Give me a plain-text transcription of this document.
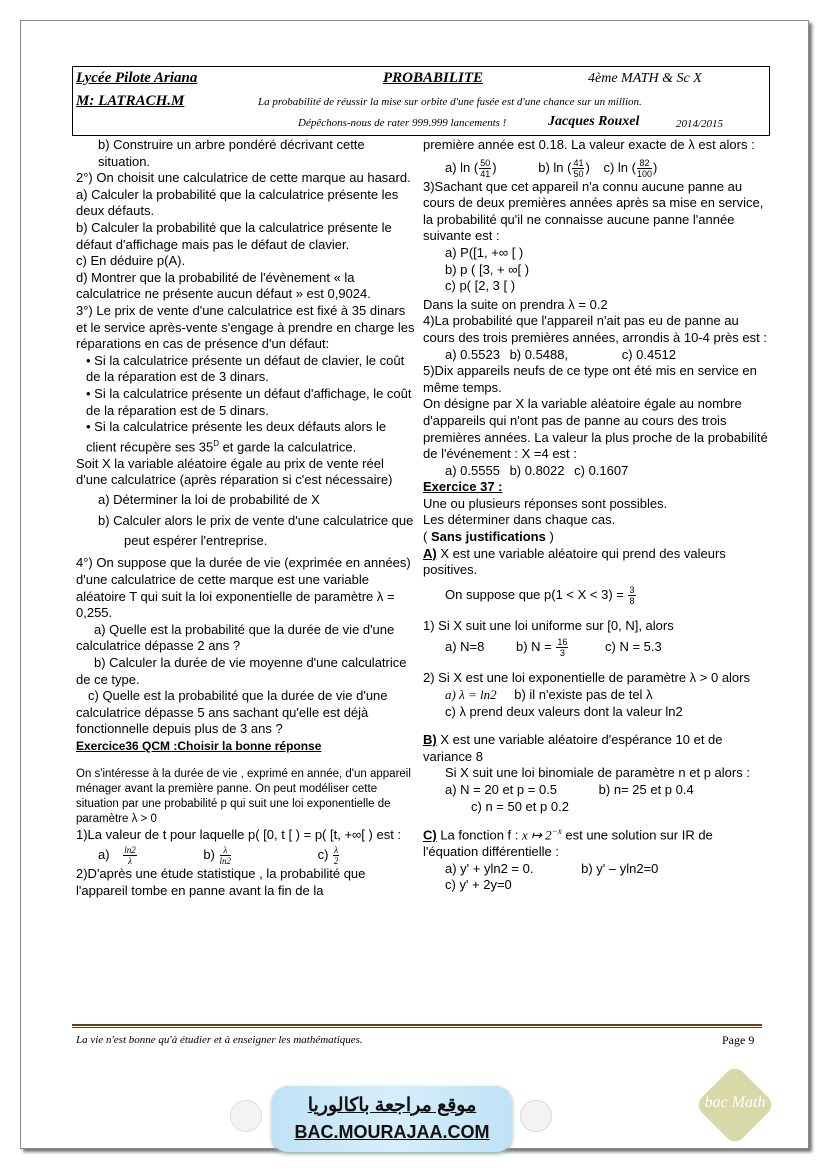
Lycée Pilote Ariana
M: LATRACH.M
PROBABILITE	4ème MATH & Sc X
La probabilité de réussir la mise sur orbite d'une fusée est d'une chance sur un million.
Dépêchons-nous de rater 999.999 lancements !	Jacques Rouxel	2014/2015

b) Construire un arbre pondéré décrivant cette situation.

2°) On choisit une calculatrice de cette marque au hasard.

a) Calculer la probabilité que la calculatrice présente les deux défauts.

b) Calculer la probabilité que la calculatrice présente le défaut d'affichage mais pas le défaut de clavier.

c) En déduire p(A).

d) Montrer que la probabilité de l'évènement « la calculatrice ne présente aucun défaut » est 0,9024.

3°) Le prix de vente d'une calculatrice est fixé à 35 dinars et le service après-vente s'engage à prendre en charge les réparations en cas de présence d'un défaut:

• Si la calculatrice présente un défaut de clavier, le coût de la réparation est de 3 dinars.

• Si la calculatrice présente un défaut d'affichage, le coût de la réparation est de 5 dinars.

• Si la calculatrice présente les deux défauts alors le client récupère ses $35^D$ et garde la calculatrice.

Soit X la variable aléatoire égale au prix de vente réel d'une calculatrice (après réparation si c'est nécessaire)

a) Déterminer la loi de probabilité de X

b) Calculer alors le prix de vente d'une calculatrice que peut espérer l'entreprise.

4°) On suppose que la durée de vie (exprimée en années) d'une calculatrice de cette marque est une variable aléatoire T qui suit la loi exponentielle de paramètre λ = 0,255.

a) Quelle est la probabilité que la durée de vie d'une calculatrice dépasse 2 ans ?

b) Calculer la durée de vie moyenne d'une calculatrice de ce type.

c) Quelle est la probabilité que la durée de vie d'une calculatrice dépasse 5 ans sachant qu'elle est déjà fonctionnelle depuis plus de 3 ans ?

Exercice36 QCM :Choisir la bonne réponse

On s'intéresse à la durée de vie , exprimé en année, d'un appareil ménager avant la première panne. On peut modéliser cette situation par une probabilité p qui suit une loi exponentielle de paramètre λ > 0

1)La valeur de t pour laquelle p( [0, t [ ) = p( [t, +∞[ ) est :

$a) \frac{\ln 2}{\lambda}$	$b) \frac{\lambda}{\ln 2}$	$c) \frac{\lambda}{2}$

2)D'après une étude statistique , la probabilité que l'appareil tombe en panne avant la fin de la

première année est 0.18. La valeur exacte de λ est alors :

a) ln ( $\frac{50}{41}$ )	b) ln ( $\frac{41}{50}$ ) c) ln ( $\frac{82}{100}$ )

3)Sachant que cet appareil n'a connu aucune panne au cours de deux premières années après sa mise en service, la probabilité qu'il ne connaisse aucune panne l'année suivante est :

a) P([1, +∞ [ )

b) p ( [3, + ∞[ )

c) p( [2, 3 [ )

Dans la suite on prendra λ = 0.2

4)La probabilité que l'appareil n'ait pas eu de panne au cours des trois premières années, arrondis à 10-4 près est :

a) 0.5523 b) 0.5488,	c) 0.4512

5)Dix appareils neufs de ce type ont été mis en service en même temps.

On désigne par X la variable aléatoire égale au nombre d'appareils qui n'ont pas de panne au cours des trois premières années. La valeur la plus proche de la probabilité de l'événement : X =4 est :

a) 0.5555 b) 0.8022 c) 0.1607

Exercice 37 :

Une ou plusieurs réponses sont possibles.

Les déterminer dans chaque cas.

( Sans justifications )

A) X est une variable aléatoire qui prend des valeurs positives.

On suppose que $p(1 < X < 3) = \frac{3}{8}$

1) Si X suit une loi uniforme sur [0, N], alors

a) N=8 b) $N = \frac{16}{3}$	c) N = 5.3

2) Si X est une loi exponentielle de paramètre λ > 0 alors

a) λ = ln2 b) il n'existe pas de tel λ

c) λ prend deux valeurs dont la valeur ln2

B) X est une variable aléatoire d'espérance 10 et de variance 8

Si X suit une loi binomiale de paramètre n et p alors :

a) N = 20 et p = 0.5	b) n= 25 et p 0.4

c) n = 50 et p 0.2

C) La fonction f : x ↦ $2^{-x}$ est une solution sur IR de l'équation différentielle :

a) y' + yln2 = 0.	b) y' – yln2=0

c) y' + 2y=0

La vie n'est bonne qu'à étudier et à enseigner les mathématiques.	Page 9
موقع مراجعة باكالوريا
BAC.MOURAJAA.COM
bac Math
